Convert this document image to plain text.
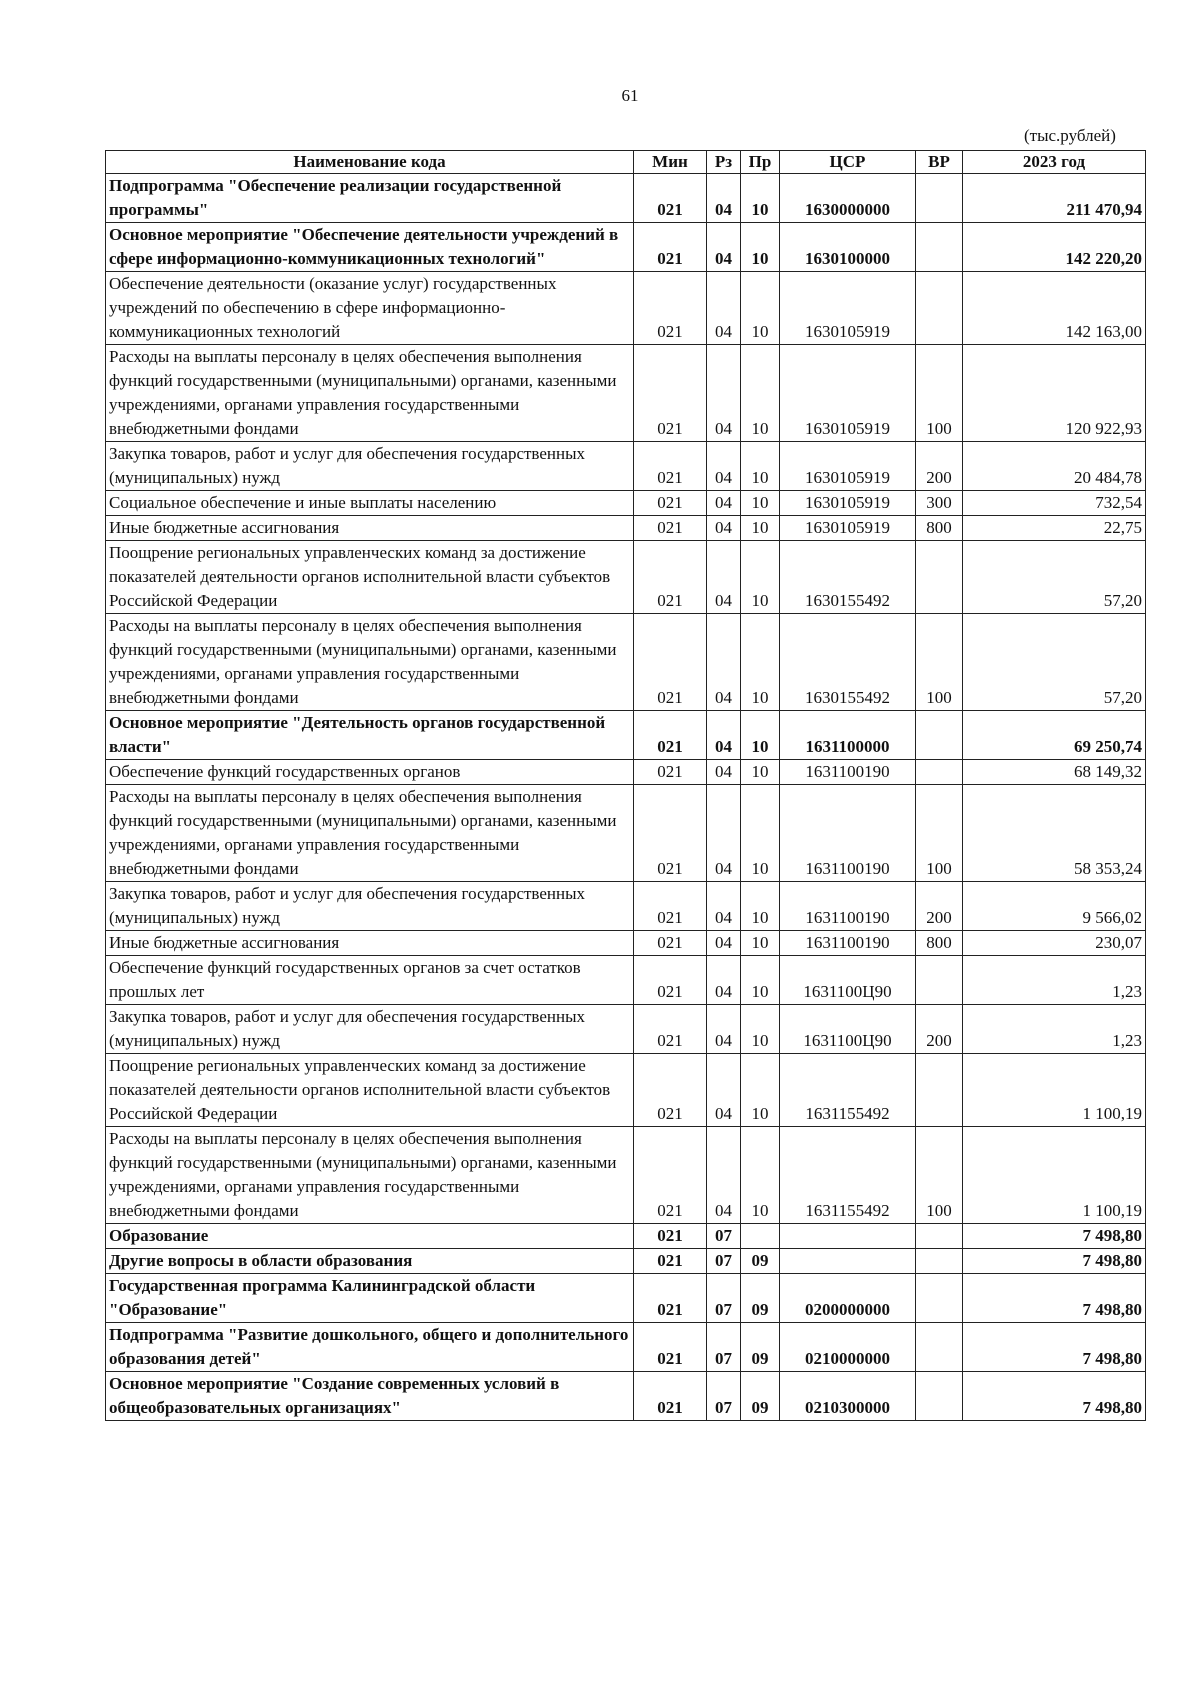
61
(тыс.рублей)
Наименование кода	Мин	Рз	Пр	ЦСР	ВР	2023 год
Подпрограмма "Обеспечение реализации государственной программы"	021	04	10	1630000000		211 470,94
Основное мероприятие "Обеспечение деятельности учреждений в сфере информационно-коммуникационных технологий"	021	04	10	1630100000		142 220,20
Обеспечение деятельности (оказание услуг) государственных учреждений по обеспечению в сфере информационно-коммуникационных технологий	021	04	10	1630105919		142 163,00
Расходы на выплаты персоналу в целях обеспечения выполнения функций государственными (муниципальными) органами, казенными учреждениями, органами управления государственными внебюджетными фондами	021	04	10	1630105919	100	120 922,93
Закупка товаров, работ и услуг для обеспечения государственных (муниципальных) нужд	021	04	10	1630105919	200	20 484,78
Социальное обеспечение и иные выплаты населению	021	04	10	1630105919	300	732,54
Иные бюджетные ассигнования	021	04	10	1630105919	800	22,75
Поощрение региональных управленческих команд за достижение показателей деятельности органов исполнительной власти субъектов Российской Федерации	021	04	10	1630155492		57,20
Расходы на выплаты персоналу в целях обеспечения выполнения функций государственными (муниципальными) органами, казенными учреждениями, органами управления государственными внебюджетными фондами	021	04	10	1630155492	100	57,20
Основное мероприятие "Деятельность органов государственной власти"	021	04	10	1631100000		69 250,74
Обеспечение функций государственных органов	021	04	10	1631100190		68 149,32
Расходы на выплаты персоналу в целях обеспечения выполнения функций государственными (муниципальными) органами, казенными учреждениями, органами управления государственными внебюджетными фондами	021	04	10	1631100190	100	58 353,24
Закупка товаров, работ и услуг для обеспечения государственных (муниципальных) нужд	021	04	10	1631100190	200	9 566,02
Иные бюджетные ассигнования	021	04	10	1631100190	800	230,07
Обеспечение функций государственных органов за счет остатков прошлых лет	021	04	10	1631100Ц90		1,23
Закупка товаров, работ и услуг для обеспечения государственных (муниципальных) нужд	021	04	10	1631100Ц90	200	1,23
Поощрение региональных управленческих команд за достижение показателей деятельности органов исполнительной власти субъектов Российской Федерации	021	04	10	1631155492		1 100,19
Расходы на выплаты персоналу в целях обеспечения выполнения функций государственными (муниципальными) органами, казенными учреждениями, органами управления государственными внебюджетными фондами	021	04	10	1631155492	100	1 100,19
Образование	021	07				7 498,80
Другие вопросы в области образования	021	07	09			7 498,80
Государственная программа Калининградской области "Образование"	021	07	09	0200000000		7 498,80
Подпрограмма "Развитие дошкольного, общего и дополнительного образования детей"	021	07	09	0210000000		7 498,80
Основное мероприятие "Создание современных условий в общеобразовательных организациях"	021	07	09	0210300000		7 498,80
